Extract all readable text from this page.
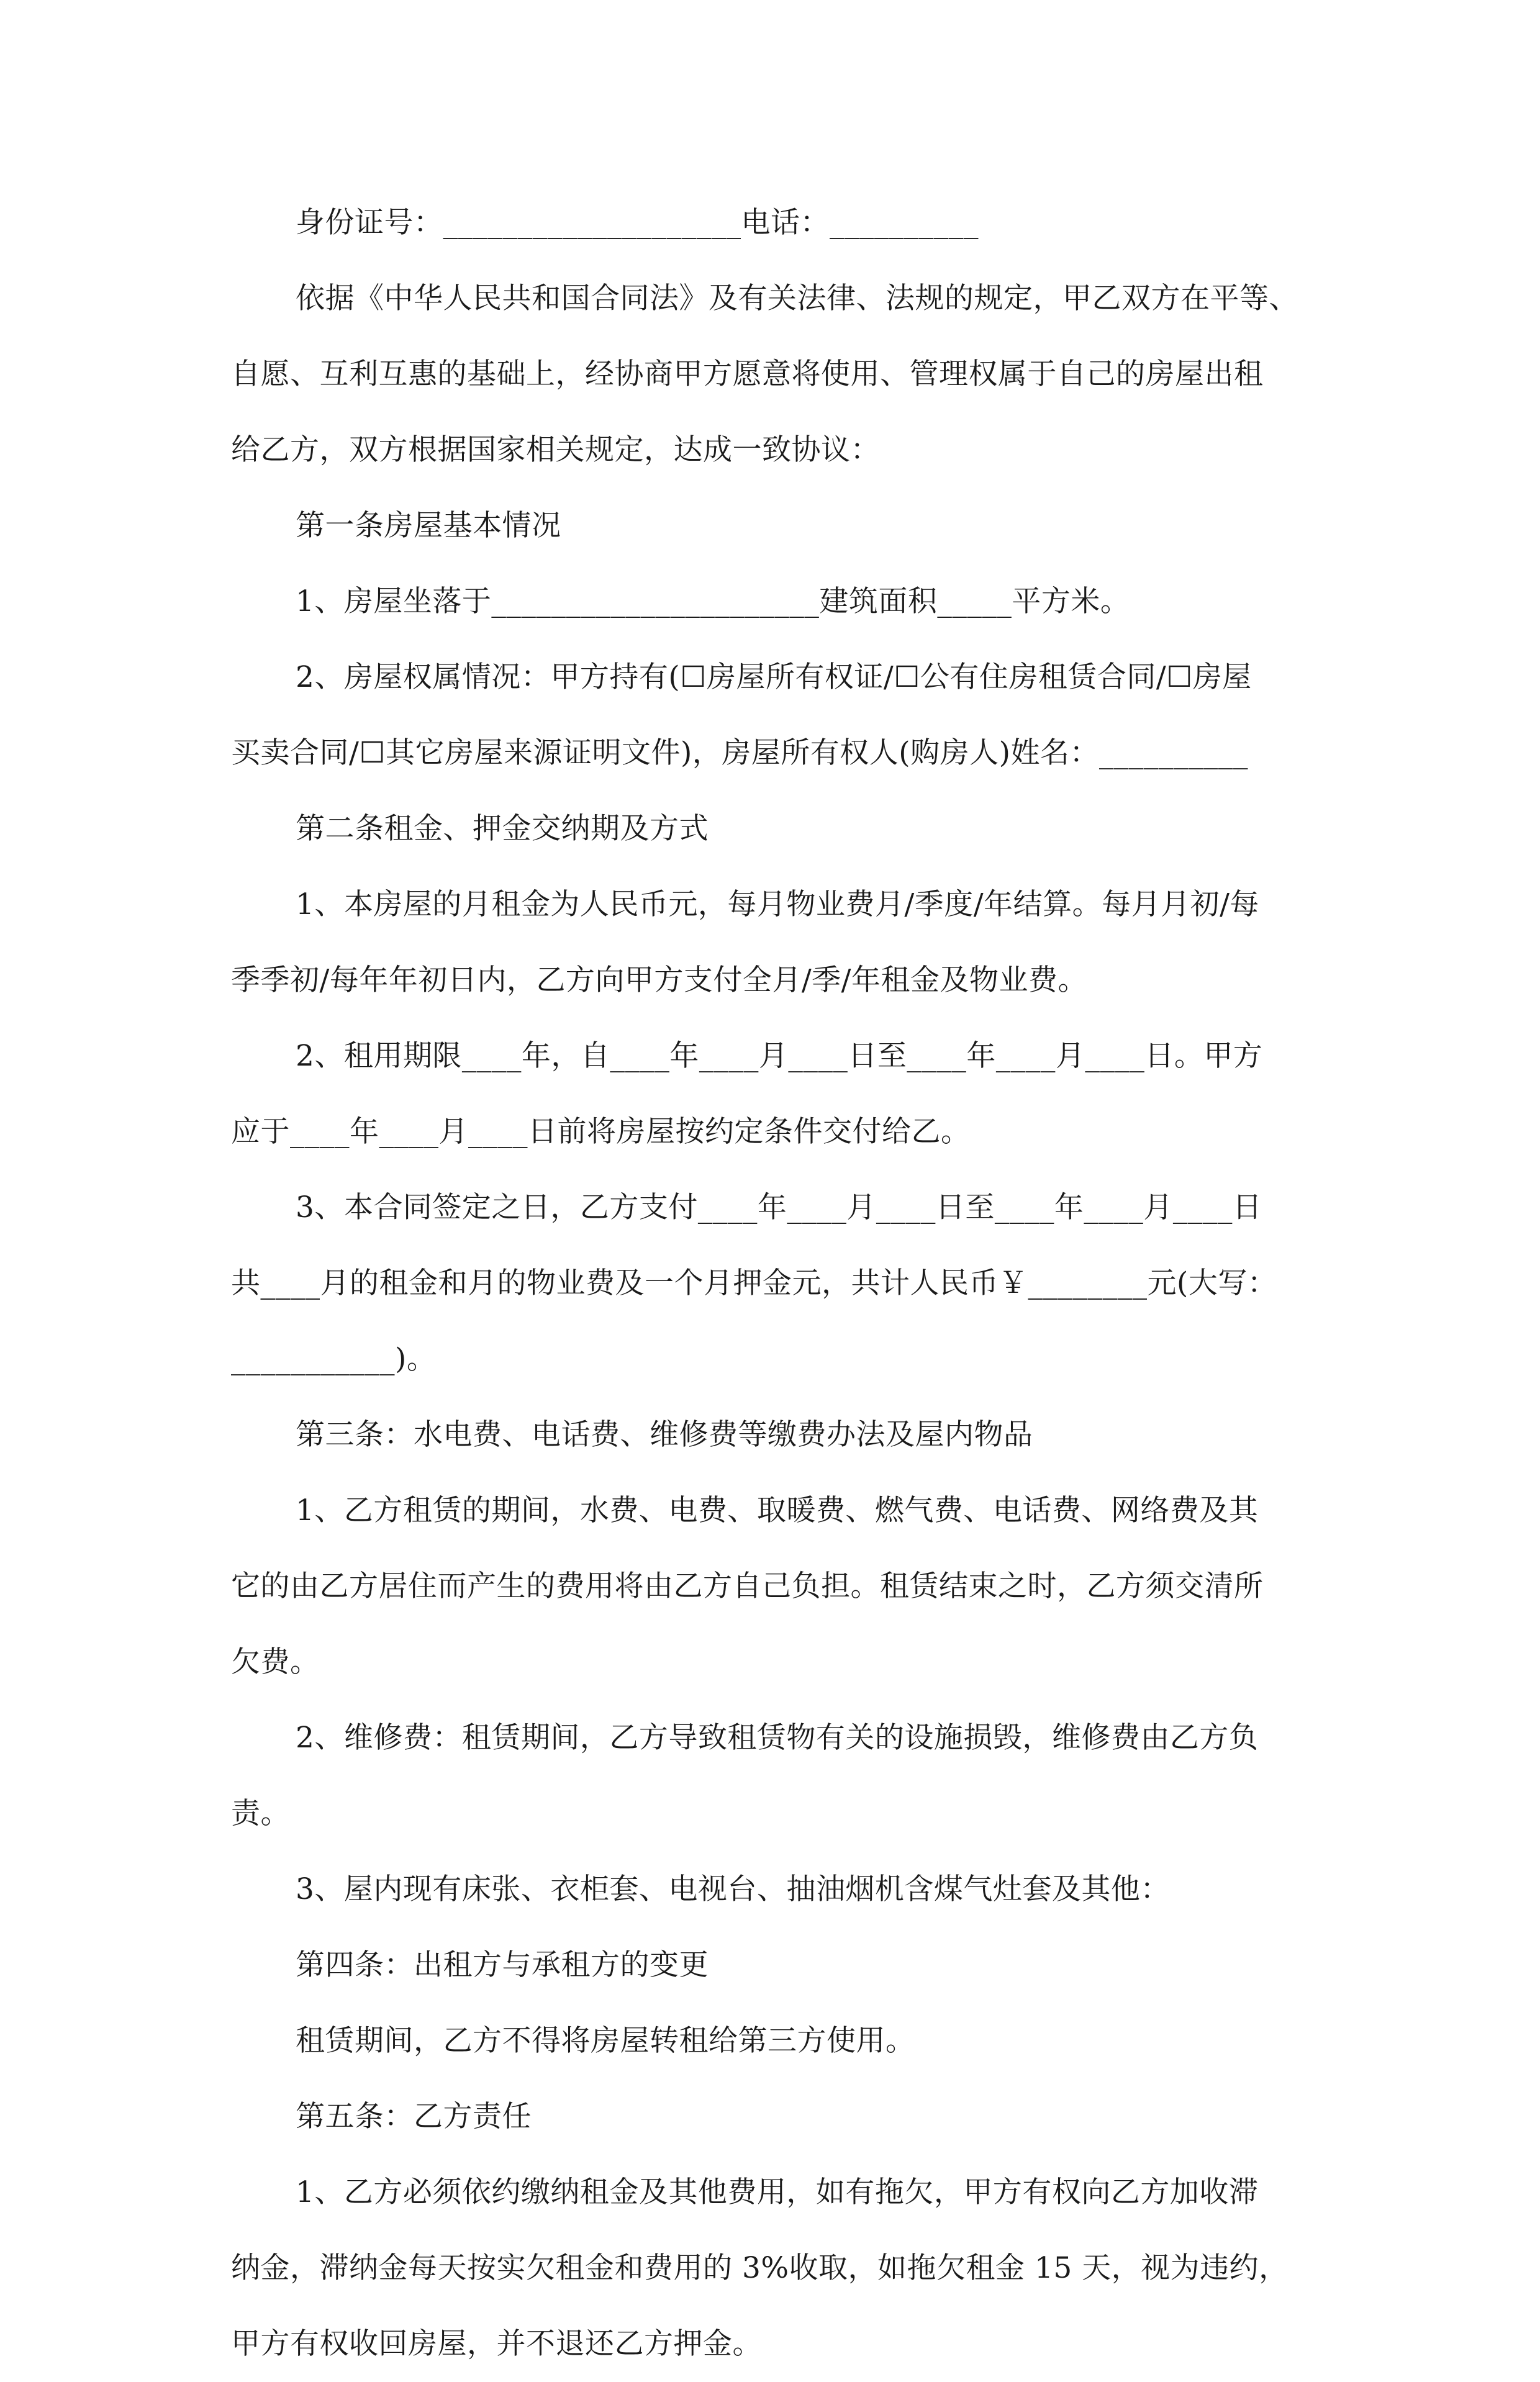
身份证号：____________________电话：__________
依据《中华人民共和国合同法》及有关法律、法规的规定，甲乙双方在平等、
自愿、互利互惠的基础上，经协商甲方愿意将使用、管理权属于自己的房屋出租
给乙方，双方根据国家相关规定，达成一致协议：
第一条房屋基本情况
1、房屋坐落于______________________建筑面积_____平方米。
2、房屋权属情况：甲方持有(☐房屋所有权证/☐公有住房租赁合同/☐房屋
买卖合同/☐其它房屋来源证明文件)，房屋所有权人(购房人)姓名：__________
第二条租金、押金交纳期及方式
1、本房屋的月租金为人民币元，每月物业费月/季度/年结算。每月月初/每
季季初/每年年初日内，乙方向甲方支付全月/季/年租金及物业费。
2、租用期限____年，自____年____月____日至____年____月____日。甲方
应于____年____月____日前将房屋按约定条件交付给乙。
3、本合同签定之日，乙方支付____年____月____日至____年____月____日
共____月的租金和月的物业费及一个月押金元，共计人民币￥________元(大写：
___________)。
第三条：水电费、电话费、维修费等缴费办法及屋内物品
1、乙方租赁的期间，水费、电费、取暖费、燃气费、电话费、网络费及其
它的由乙方居住而产生的费用将由乙方自己负担。租赁结束之时，乙方须交清所
欠费。
2、维修费：租赁期间，乙方导致租赁物有关的设施损毁，维修费由乙方负
责。
3、屋内现有床张、衣柜套、电视台、抽油烟机含煤气灶套及其他：
第四条：出租方与承租方的变更
租赁期间，乙方不得将房屋转租给第三方使用。
第五条：乙方责任
1、乙方必须依约缴纳租金及其他费用，如有拖欠，甲方有权向乙方加收滞
纳金，滞纳金每天按实欠租金和费用的 3%收取，如拖欠租金 15 天，视为违约，
甲方有权收回房屋，并不退还乙方押金。
